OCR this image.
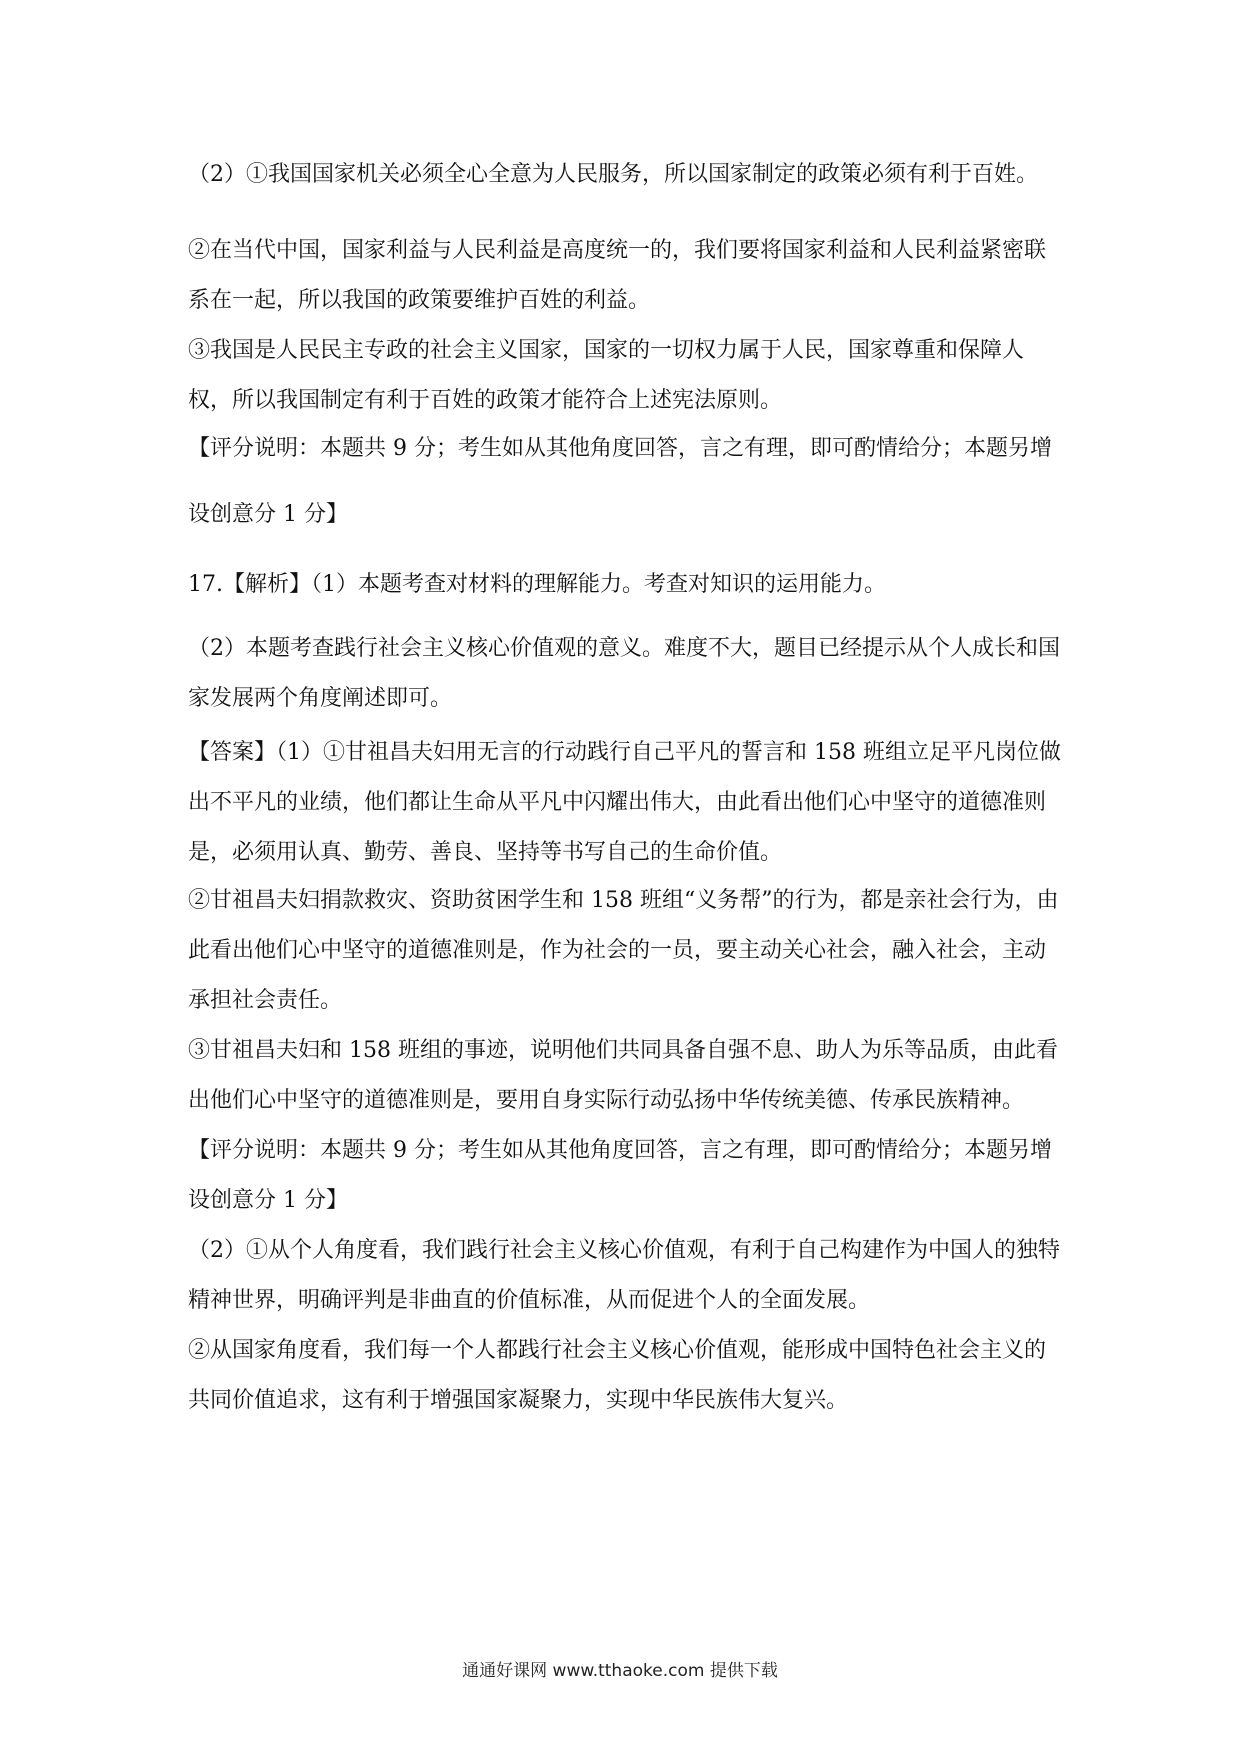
（2）①我国国家机关必须全心全意为人民服务，所以国家制定的政策必须有利于百姓。

②在当代中国，国家利益与人民利益是高度统一的，我们要将国家利益和人民利益紧密联系在一起，所以我国的政策要维护百姓的利益。

③我国是人民民主专政的社会主义国家，国家的一切权力属于人民，国家尊重和保障人权，所以我国制定有利于百姓的政策才能符合上述宪法原则。

【评分说明：本题共 9 分；考生如从其他角度回答，言之有理，即可酌情给分；本题另增

设创意分 1 分】

17.【解析】（1）本题考查对材料的理解能力。考查对知识的运用能力。

（2）本题考查践行社会主义核心价值观的意义。难度不大，题目已经提示从个人成长和国家发展两个角度阐述即可。

【答案】（1）①甘祖昌夫妇用无言的行动践行自己平凡的誓言和 158 班组立足平凡岗位做出不平凡的业绩，他们都让生命从平凡中闪耀出伟大，由此看出他们心中坚守的道德准则是，必须用认真、勤劳、善良、坚持等书写自己的生命价值。

②甘祖昌夫妇捐款救灾、资助贫困学生和 158 班组“义务帮”的行为，都是亲社会行为，由此看出他们心中坚守的道德准则是，作为社会的一员，要主动关心社会，融入社会，主动承担社会责任。

③甘祖昌夫妇和 158 班组的事迹，说明他们共同具备自强不息、助人为乐等品质，由此看出他们心中坚守的道德准则是，要用自身实际行动弘扬中华传统美德、传承民族精神。

【评分说明：本题共 9 分；考生如从其他角度回答，言之有理，即可酌情给分；本题另增设创意分 1 分】

（2）①从个人角度看，我们践行社会主义核心价值观，有利于自己构建作为中国人的独特精神世界，明确评判是非曲直的价值标准，从而促进个人的全面发展。

②从国家角度看，我们每一个人都践行社会主义核心价值观，能形成中国特色社会主义的共同价值追求，这有利于增强国家凝聚力，实现中华民族伟大复兴。

通通好课网 www.tthaoke.com 提供下载
